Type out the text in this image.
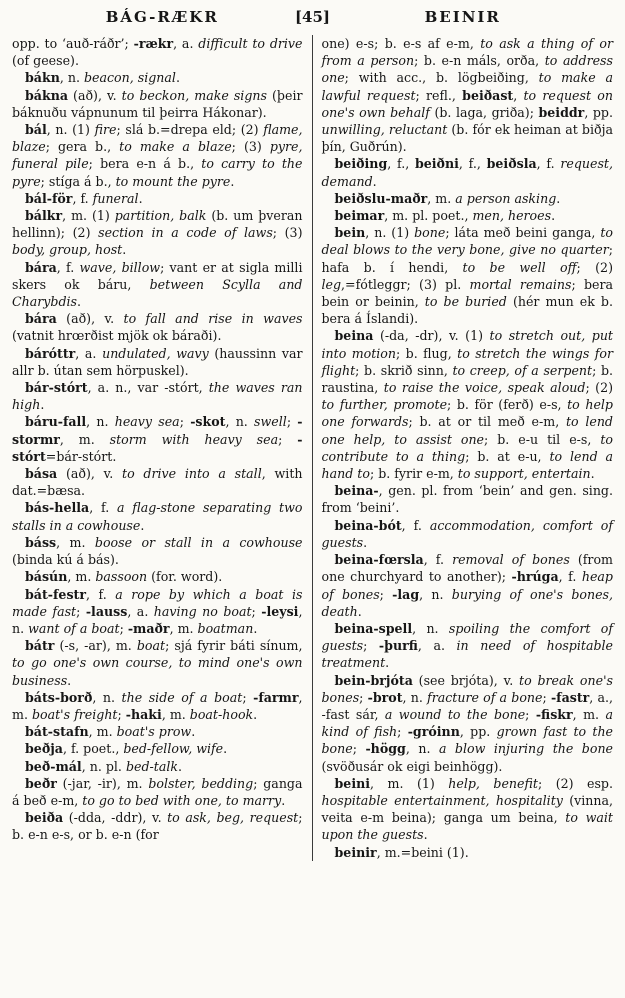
BÁG-RÆKR	[45]	BEINIR

opp. to ‘auð-ráðr’; -rækr, a. difficult to drive (of geese).

bákn, n. beacon, signal.

bákna (að), v. to beckon, make signs (þeir báknuðu vápnunum til þeirra Hákonar).

bál, n. (1) fire; slá b.=drepa eld; (2) flame, blaze; gera b., to make a blaze; (3) pyre, funeral pile; bera e-n á b., to carry to the pyre; stíga á b., to mount the pyre.

bál-för, f. funeral.

bálkr, m. (1) partition, balk (b. um þveran hellinn); (2) section in a code of laws; (3) body, group, host.

bára, f. wave, billow; vant er at sigla milli skers ok báru, between Scylla and Charybdis.

bára (að), v. to fall and rise in waves (vatnit hrœrðist mjök ok báraði).

báróttr, a. undulated, wavy (haussinn var allr b. útan sem hörpuskel).

bár-stórt, a. n., var -stórt, the waves ran high.

báru-fall, n. heavy sea; -skot, n. swell; -stormr, m. storm with heavy sea; -stórt=bár-stórt.

bása (að), v. to drive into a stall, with dat.=bæsa.

bás-hella, f. a flag-stone separating two stalls in a cowhouse.

báss, m. boose or stall in a cowhouse (binda kú á bás).

básún, m. bassoon (for. word).

bát-festr, f. a rope by which a boat is made fast; -lauss, a. having no boat; -leysi, n. want of a boat; -maðr, m. boatman.

bátr (-s, -ar), m. boat; sjá fyrir báti sínum, to go one's own course, to mind one's own business.

báts-borð, n. the side of a boat; -farmr, m. boat's freight; -haki, m. boat-hook.

bát-stafn, m. boat's prow.

beðja, f. poet., bed-fellow, wife.

beð-mál, n. pl. bed-talk.

beðr (-jar, -ir), m. bolster, bedding; ganga á beð e-m, to go to bed with one, to marry.

beiða (-dda, -ddr), v. to ask, beg, request; b. e-n e-s, or b. e-n (for

one) e-s; b. e-s af e-m, to ask a thing of or from a person; b. e-n máls, orða, to address one; with acc., b. lögbeiðing, to make a lawful request; refl., beiðast, to request on one's own behalf (b. laga, griða); beiddr, pp. unwilling, reluctant (b. fór ek heiman at biðja þín, Guðrún).

beiðing, f., beiðni, f., beiðsla, f. request, demand.

beiðslu-maðr, m. a person asking.

beimar, m. pl. poet., men, heroes.

bein, n. (1) bone; láta með beini ganga, to deal blows to the very bone, give no quarter; hafa b. í hendi, to be well off; (2) leg,=fótleggr; (3) pl. mortal remains; bera bein or beinin, to be buried (hér mun ek b. bera á Íslandi).

beina (-da, -dr), v. (1) to stretch out, put into motion; b. flug, to stretch the wings for flight; b. skrið sinn, to creep, of a serpent; b. raustina, to raise the voice, speak aloud; (2) to further, promote; b. för (ferð) e-s, to help one forwards; b. at or til með e-m, to lend one help, to assist one; b. e-u til e-s, to contribute to a thing; b. at e-u, to lend a hand to; b. fyrir e-m, to support, entertain.

beina-, gen. pl. from ‘bein’ and gen. sing. from ‘beini’.

beina-bót, f. accommodation, comfort of guests.

beina-fœrsla, f. removal of bones (from one churchyard to another); -hrúga, f. heap of bones; -lag, n. burying of one's bones, death.

beina-spell, n. spoiling the comfort of guests; -þurfi, a. in need of hospitable treatment.

bein-brjóta (see brjóta), v. to break one's bones; -brot, n. fracture of a bone; -fastr, a., -fast sár, a wound to the bone; -fiskr, m. a kind of fish; -gróinn, pp. grown fast to the bone; -högg, n. a blow injuring the bone (svöðusár ok eigi beinhögg).

beini, m. (1) help, benefit; (2) esp. hospitable entertainment, hospitality (vinna, veita e-m beina); ganga um beina, to wait upon the guests.

beinir, m.=beini (1).
